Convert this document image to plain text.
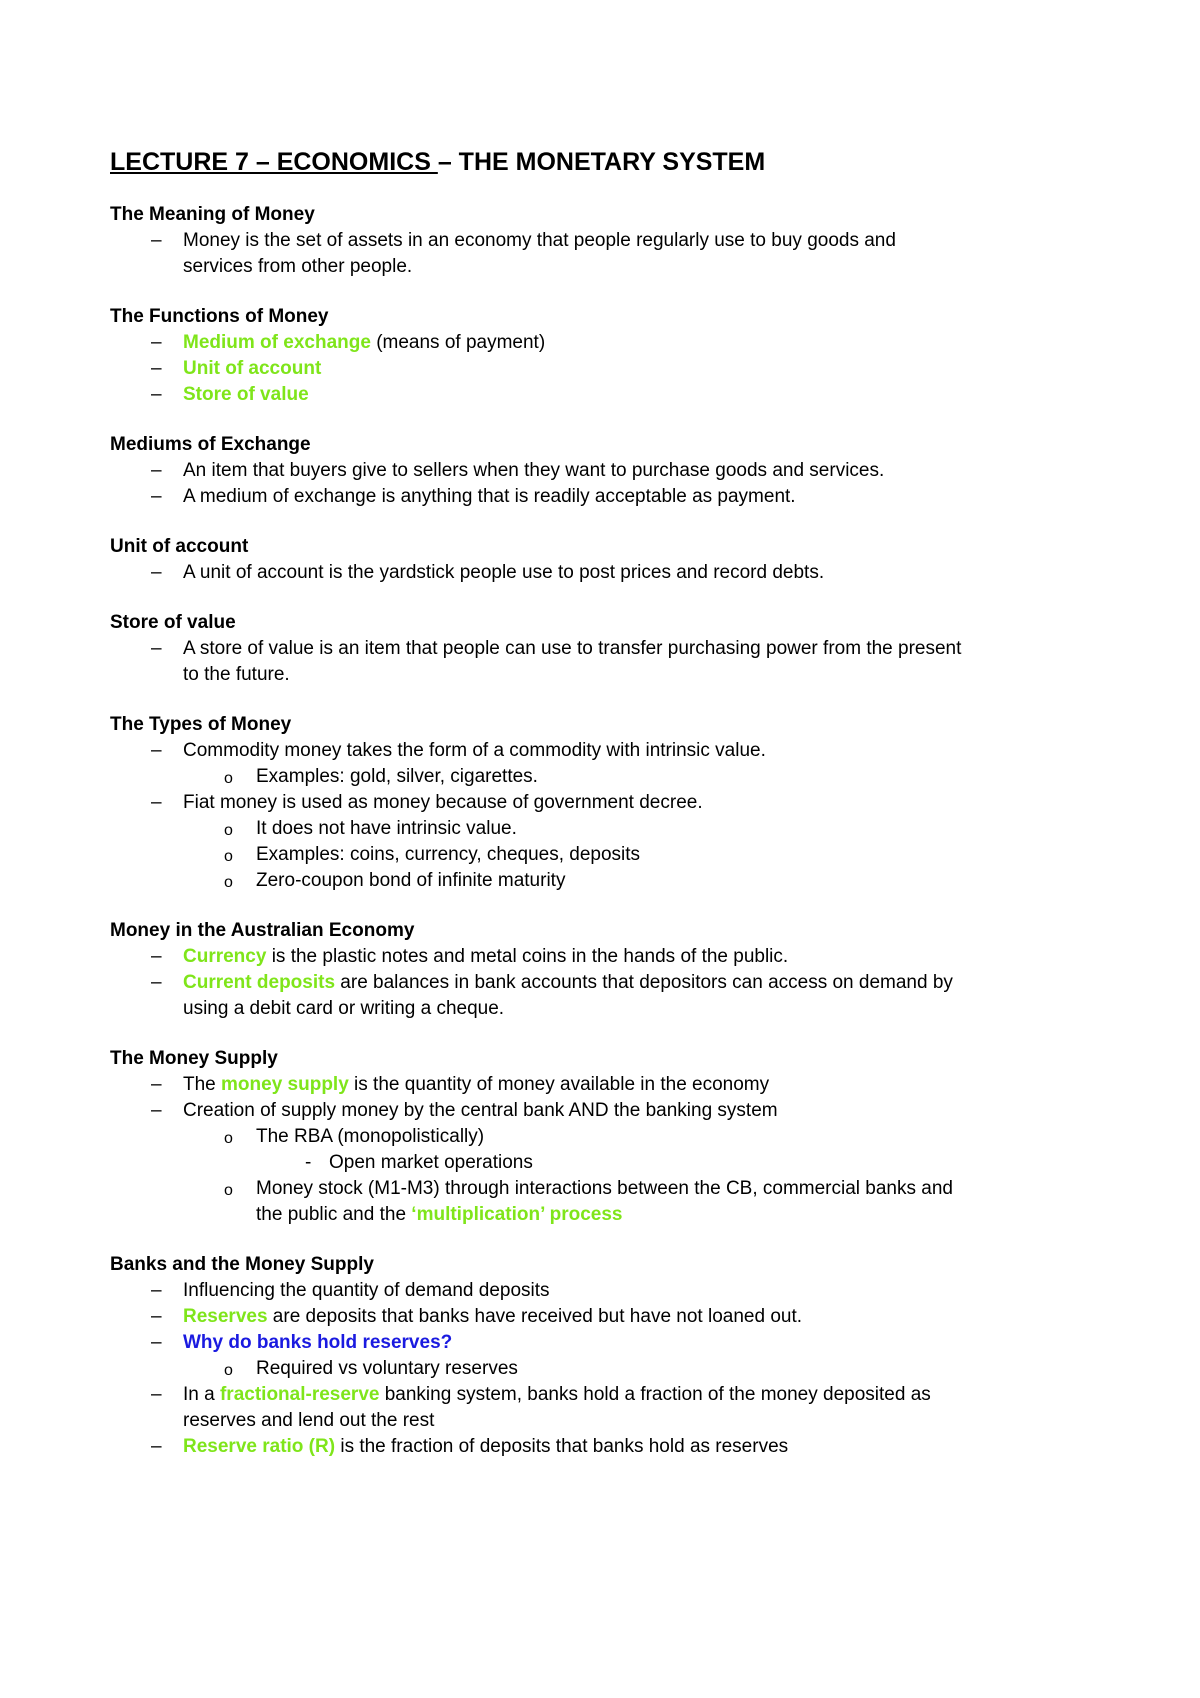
LECTURE 7 – ECONOMICS – THE MONETARY SYSTEM
The Meaning of Money
– Money is the set of assets in an economy that people regularly use to buy goods and
services from other people.
The Functions of Money
– Medium of exchange (means of payment)
– Unit of account
– Store of value
Mediums of Exchange
– An item that buyers give to sellers when they want to purchase goods and services.
– A medium of exchange is anything that is readily acceptable as payment.
Unit of account
– A unit of account is the yardstick people use to post prices and record debts.
Store of value
– A store of value is an item that people can use to transfer purchasing power from the present
to the future.
The Types of Money
– Commodity money takes the form of a commodity with intrinsic value.
o Examples: gold, silver, cigarettes.
– Fiat money is used as money because of government decree.
o It does not have intrinsic value.
o Examples: coins, currency, cheques, deposits
o Zero-coupon bond of infinite maturity
Money in the Australian Economy
– Currency is the plastic notes and metal coins in the hands of the public.
– Current deposits are balances in bank accounts that depositors can access on demand by
using a debit card or writing a cheque.
The Money Supply
– The money supply is the quantity of money available in the economy
– Creation of supply money by the central bank AND the banking system
o The RBA (monopolistically)
- Open market operations
o Money stock (M1-M3) through interactions between the CB, commercial banks and
the public and the ‘multiplication’ process
Banks and the Money Supply
– Influencing the quantity of demand deposits
– Reserves are deposits that banks have received but have not loaned out.
– Why do banks hold reserves?
o Required vs voluntary reserves
– In a fractional-reserve banking system, banks hold a fraction of the money deposited as
reserves and lend out the rest
– Reserve ratio (R) is the fraction of deposits that banks hold as reserves
